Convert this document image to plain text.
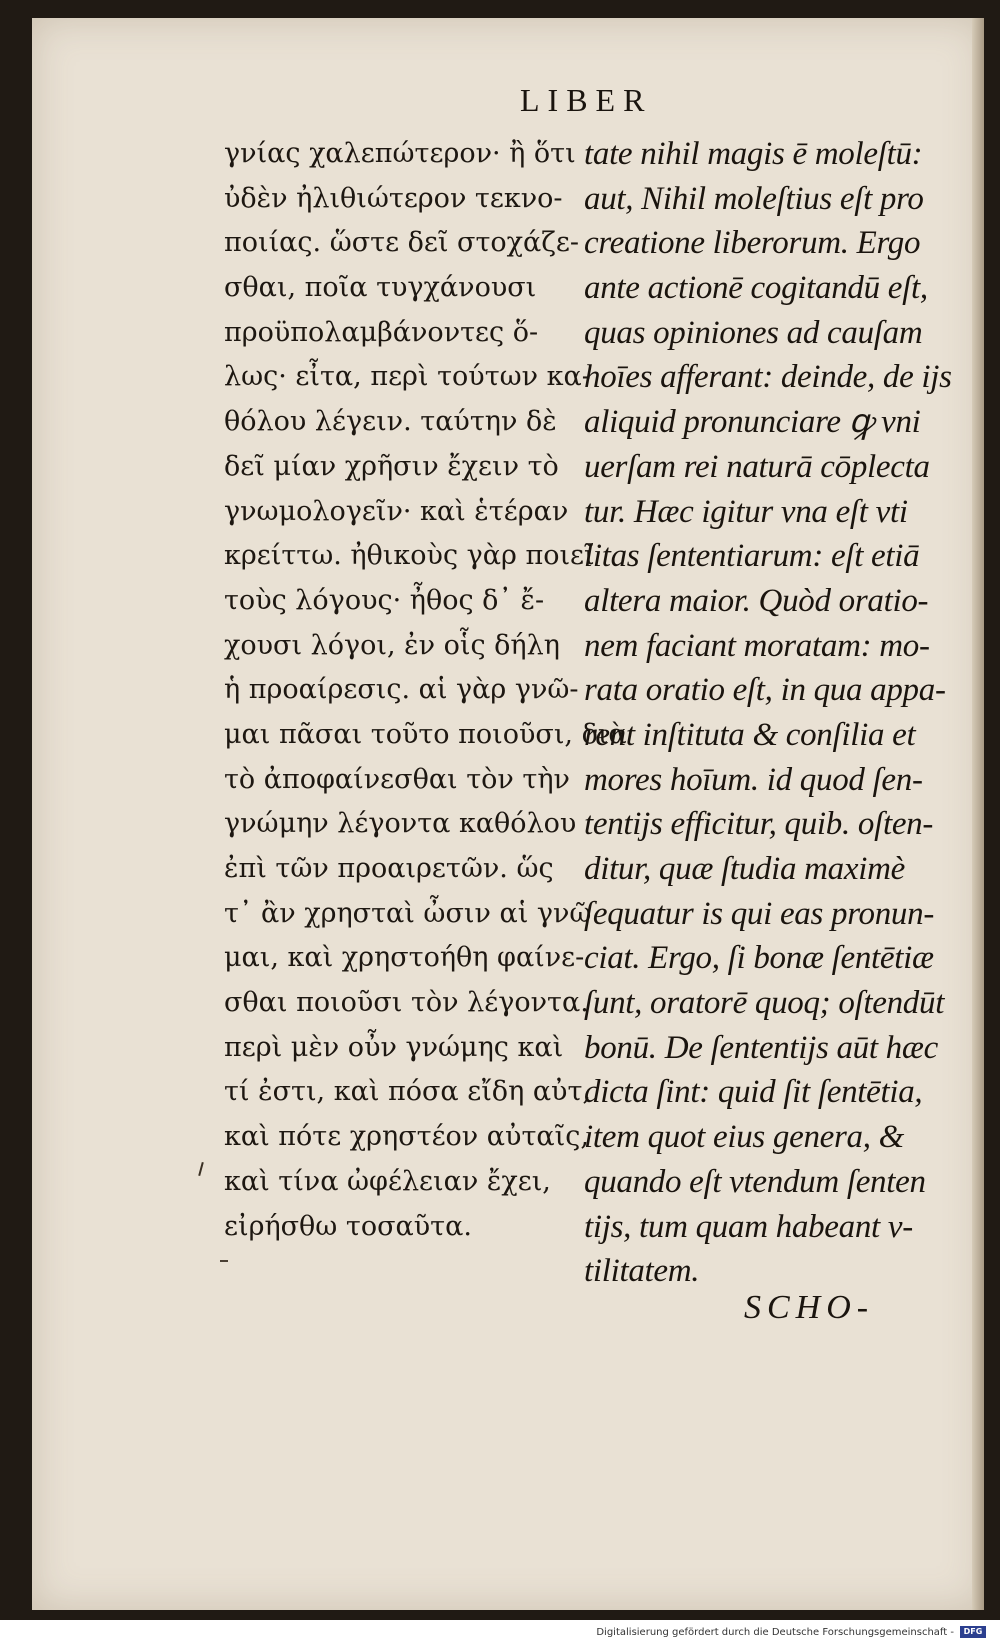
LIBER
γνίας χαλεπώτερον· ἢ ὅτι
ὐδὲν ἠλιθιώτερον τεκνο-
ποιίας. ὥστε δεῖ στοχάζε-
σθαι, ποῖα τυγχάνουσι
προϋπολαμβάνοντες ὅ-
λως· εἶτα, περὶ τούτων κα-
θόλου λέγειν. ταύτην δὲ
δεῖ μίαν χρῆσιν ἔχειν τὸ
γνωμολογεῖν· καὶ ἑτέραν
κρείττω. ἠθικοὺς γὰρ ποιεῖ
τοὺς λόγους· ἦθος δ᾽ ἔ-
χουσι λόγοι, ἐν οἷς δήλη
ἡ προαίρεσις. αἱ γὰρ γνῶ-
μαι πᾶσαι τοῦτο ποιοῦσι, διὰ
τὸ ἀποφαίνεσθαι τὸν τὴν
γνώμην λέγοντα καθόλου
ἐπὶ τῶν προαιρετῶν. ὥς
τ᾽ ἂν χρησταὶ ὦσιν αἱ γνῶ
μαι, καὶ χρηστοήθη φαίνε-
σθαι ποιοῦσι τὸν λέγοντα.
περὶ μὲν οὖν γνώμης καὶ
τί ἐστι, καὶ πόσα εἴδη αὐτ,
καὶ πότε χρηστέον αὐταῖς,
καὶ τίνα ὠφέλειαν ἔχει,
εἰρήσθω τοσαῦτα.
tate nihil magis ē moleſtū:
aut, Nihil moleſtius eſt pro
creatione liberorum. Ergo
ante actionē cogitandū eſt,
quas opiniones ad cauſam
hoīes afferant: deinde, de ijs
aliquid pronunciare ꝙ vni
uerſam rei naturā cōplecta
tur. Hæc igitur vna eſt vti
litas ſententiarum: eſt etiā
altera maior. Quòd oratio-
nem faciant moratam: mo-
rata oratio eſt, in qua appa-
rent inſtituta & conſilia et
mores hoīum. id quod ſen-
tentijs efficitur, quib. oſten-
ditur, quæ ſtudia maximè
ſequatur is qui eas pronun-
ciat. Ergo, ſi bonæ ſentētiæ
ſunt, oratorē quoq; oſtendūt
bonū. De ſententijs aūt hæc
dicta ſint: quid ſit ſentētia,
item quot eius genera, &
quando eſt vtendum ſenten
tijs, tum quam habeant v-
tilitatem.
SCHO-
Digitalisierung gefördert durch die Deutsche Forschungsgemeinschaft -	DFG
